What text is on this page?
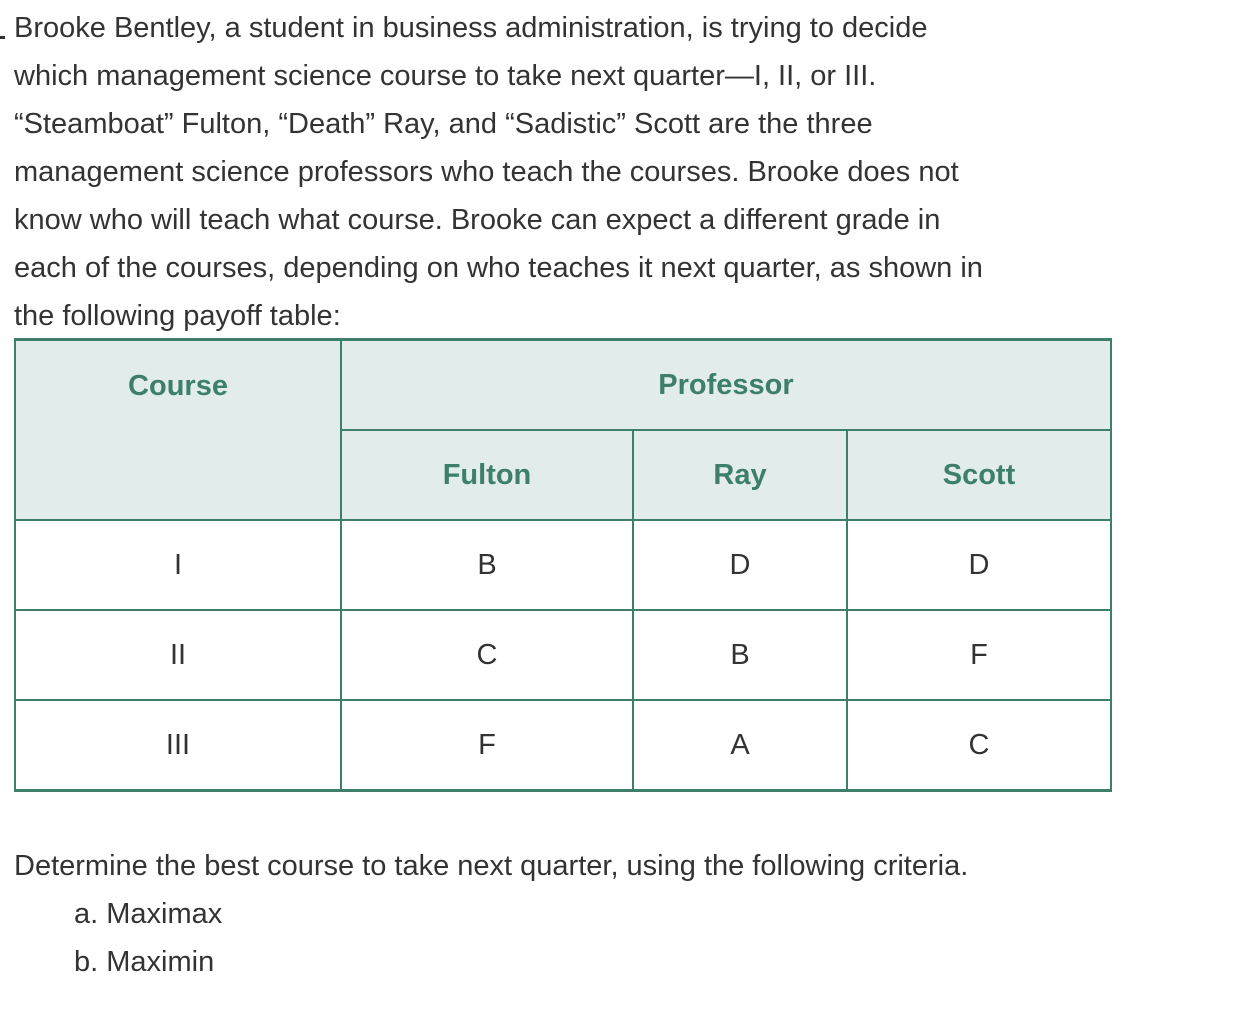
Brooke Bentley, a student in business administration, is trying to decide
which management science course to take next quarter—I, II, or III.
“Steamboat” Fulton, “Death” Ray, and “Sadistic” Scott are the three
management science professors who teach the courses. Brooke does not
know who will teach what course. Brooke can expect a different grade in
each of the courses, depending on who teaches it next quarter, as shown in
the following payoff table:

Course	Professor		
	Fulton	Ray	Scott
I	B	D	D
II	C	B	F
III	F	A	C

Determine the best course to take next quarter, using the following criteria.

a. Maximax
b. Maximin
